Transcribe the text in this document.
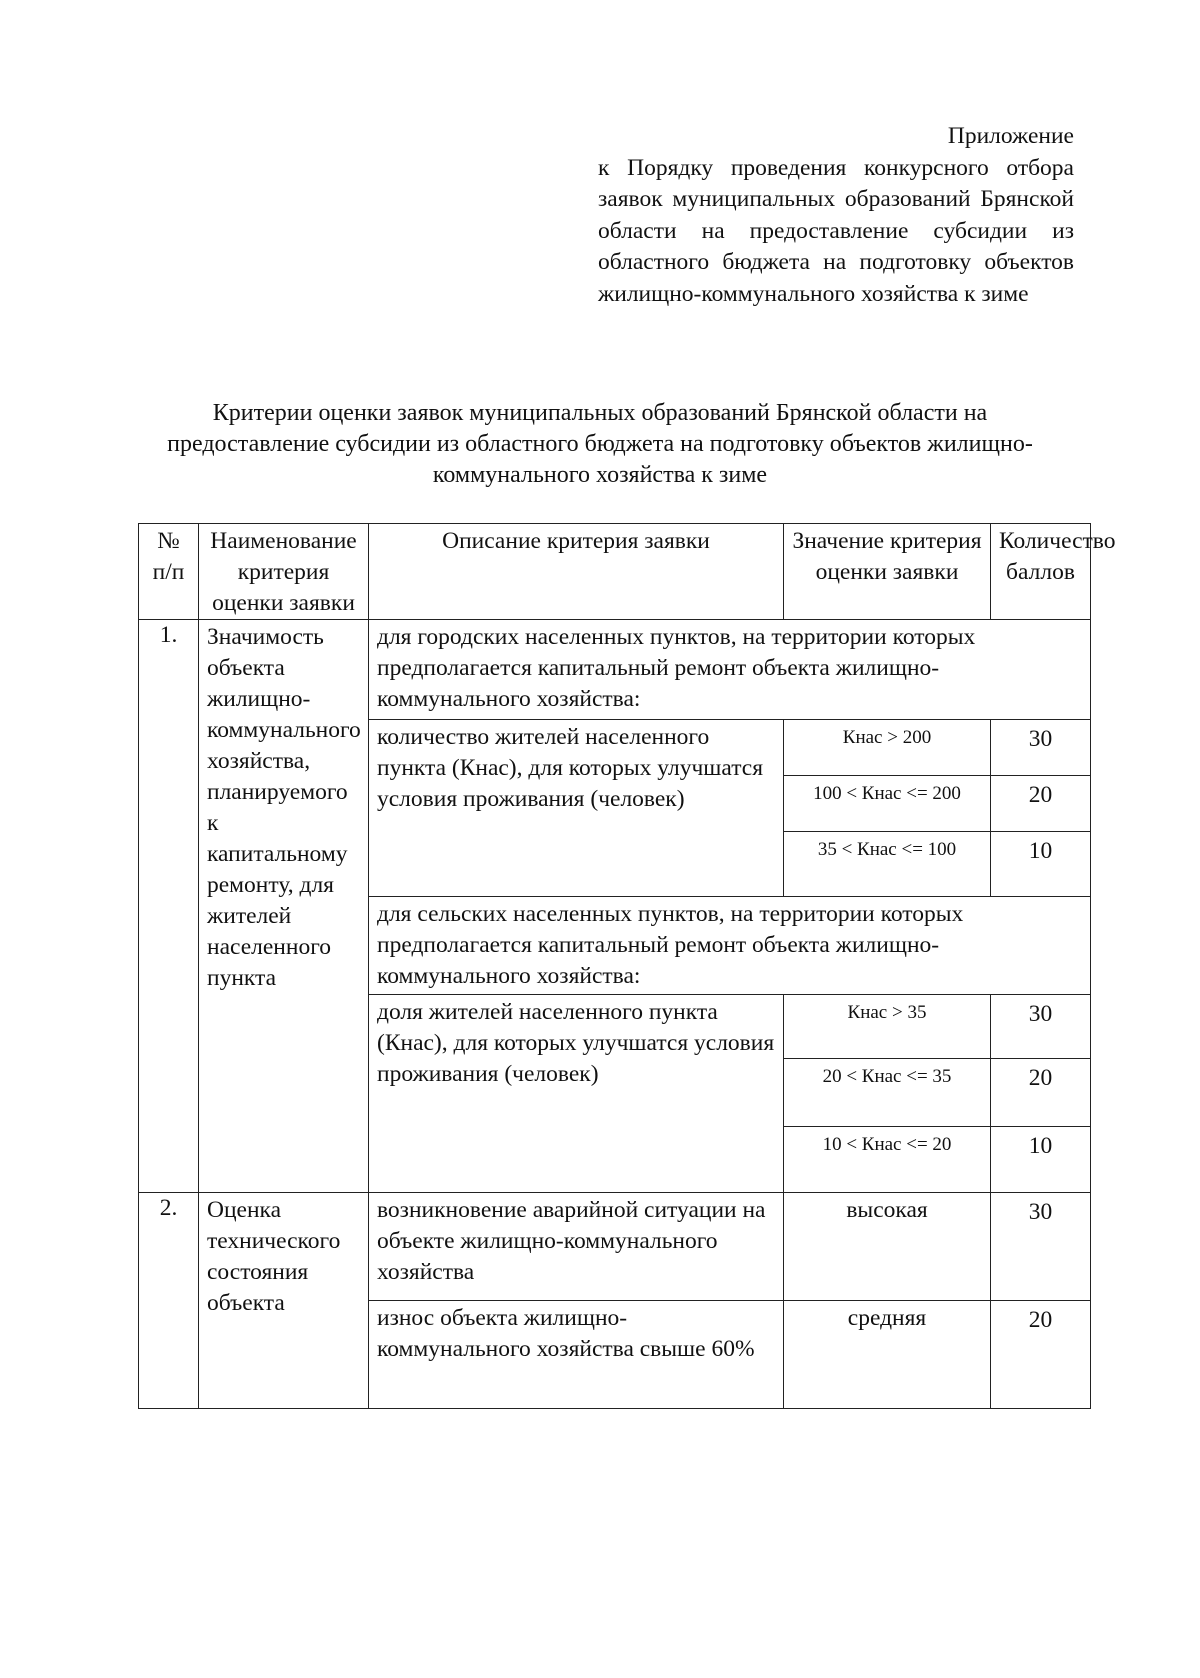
Приложение
к Порядку проведения конкурсного отбора заявок муниципальных образований Брянской области на предоставление субсидии из областного бюджета на подготовку объектов жилищно-коммунального хозяйства к зиме
Критерии оценки заявок муниципальных образований Брянской области на предоставление субсидии из областного бюджета на подготовку объектов жилищно-коммунального хозяйства к зиме
№ п/п	Наименование критерия оценки заявки	Описание критерия заявки	Значение критерия оценки заявки	Количество баллов
1.	Значимость объекта жилищно-коммунального хозяйства, планируемого к капитальному ремонту, для жителей населенного пункта	для городских населенных пунктов, на территории которых предполагается капитальный ремонт объекта жилищно-коммунального хозяйства:		
		количество жителей населенного пункта (Кнас), для которых улучшатся условия проживания (человек)	Кнас > 200	30
			100 < Кнас <= 200	20
			35 < Кнас <= 100	10
		для сельских населенных пунктов, на территории которых предполагается капитальный ремонт объекта жилищно-коммунального хозяйства:		
		доля жителей населенного пункта (Кнас), для которых улучшатся условия проживания (человек)	Кнас > 35	30
			20 < Кнас <= 35	20
			10 < Кнас <= 20	10

2.	Оценка технического состояния объекта	возникновение аварийной ситуации на объекте жилищно-коммунального хозяйства	высокая	30
		износ объекта жилищно-коммунального хозяйства свыше 60%	средняя	20
